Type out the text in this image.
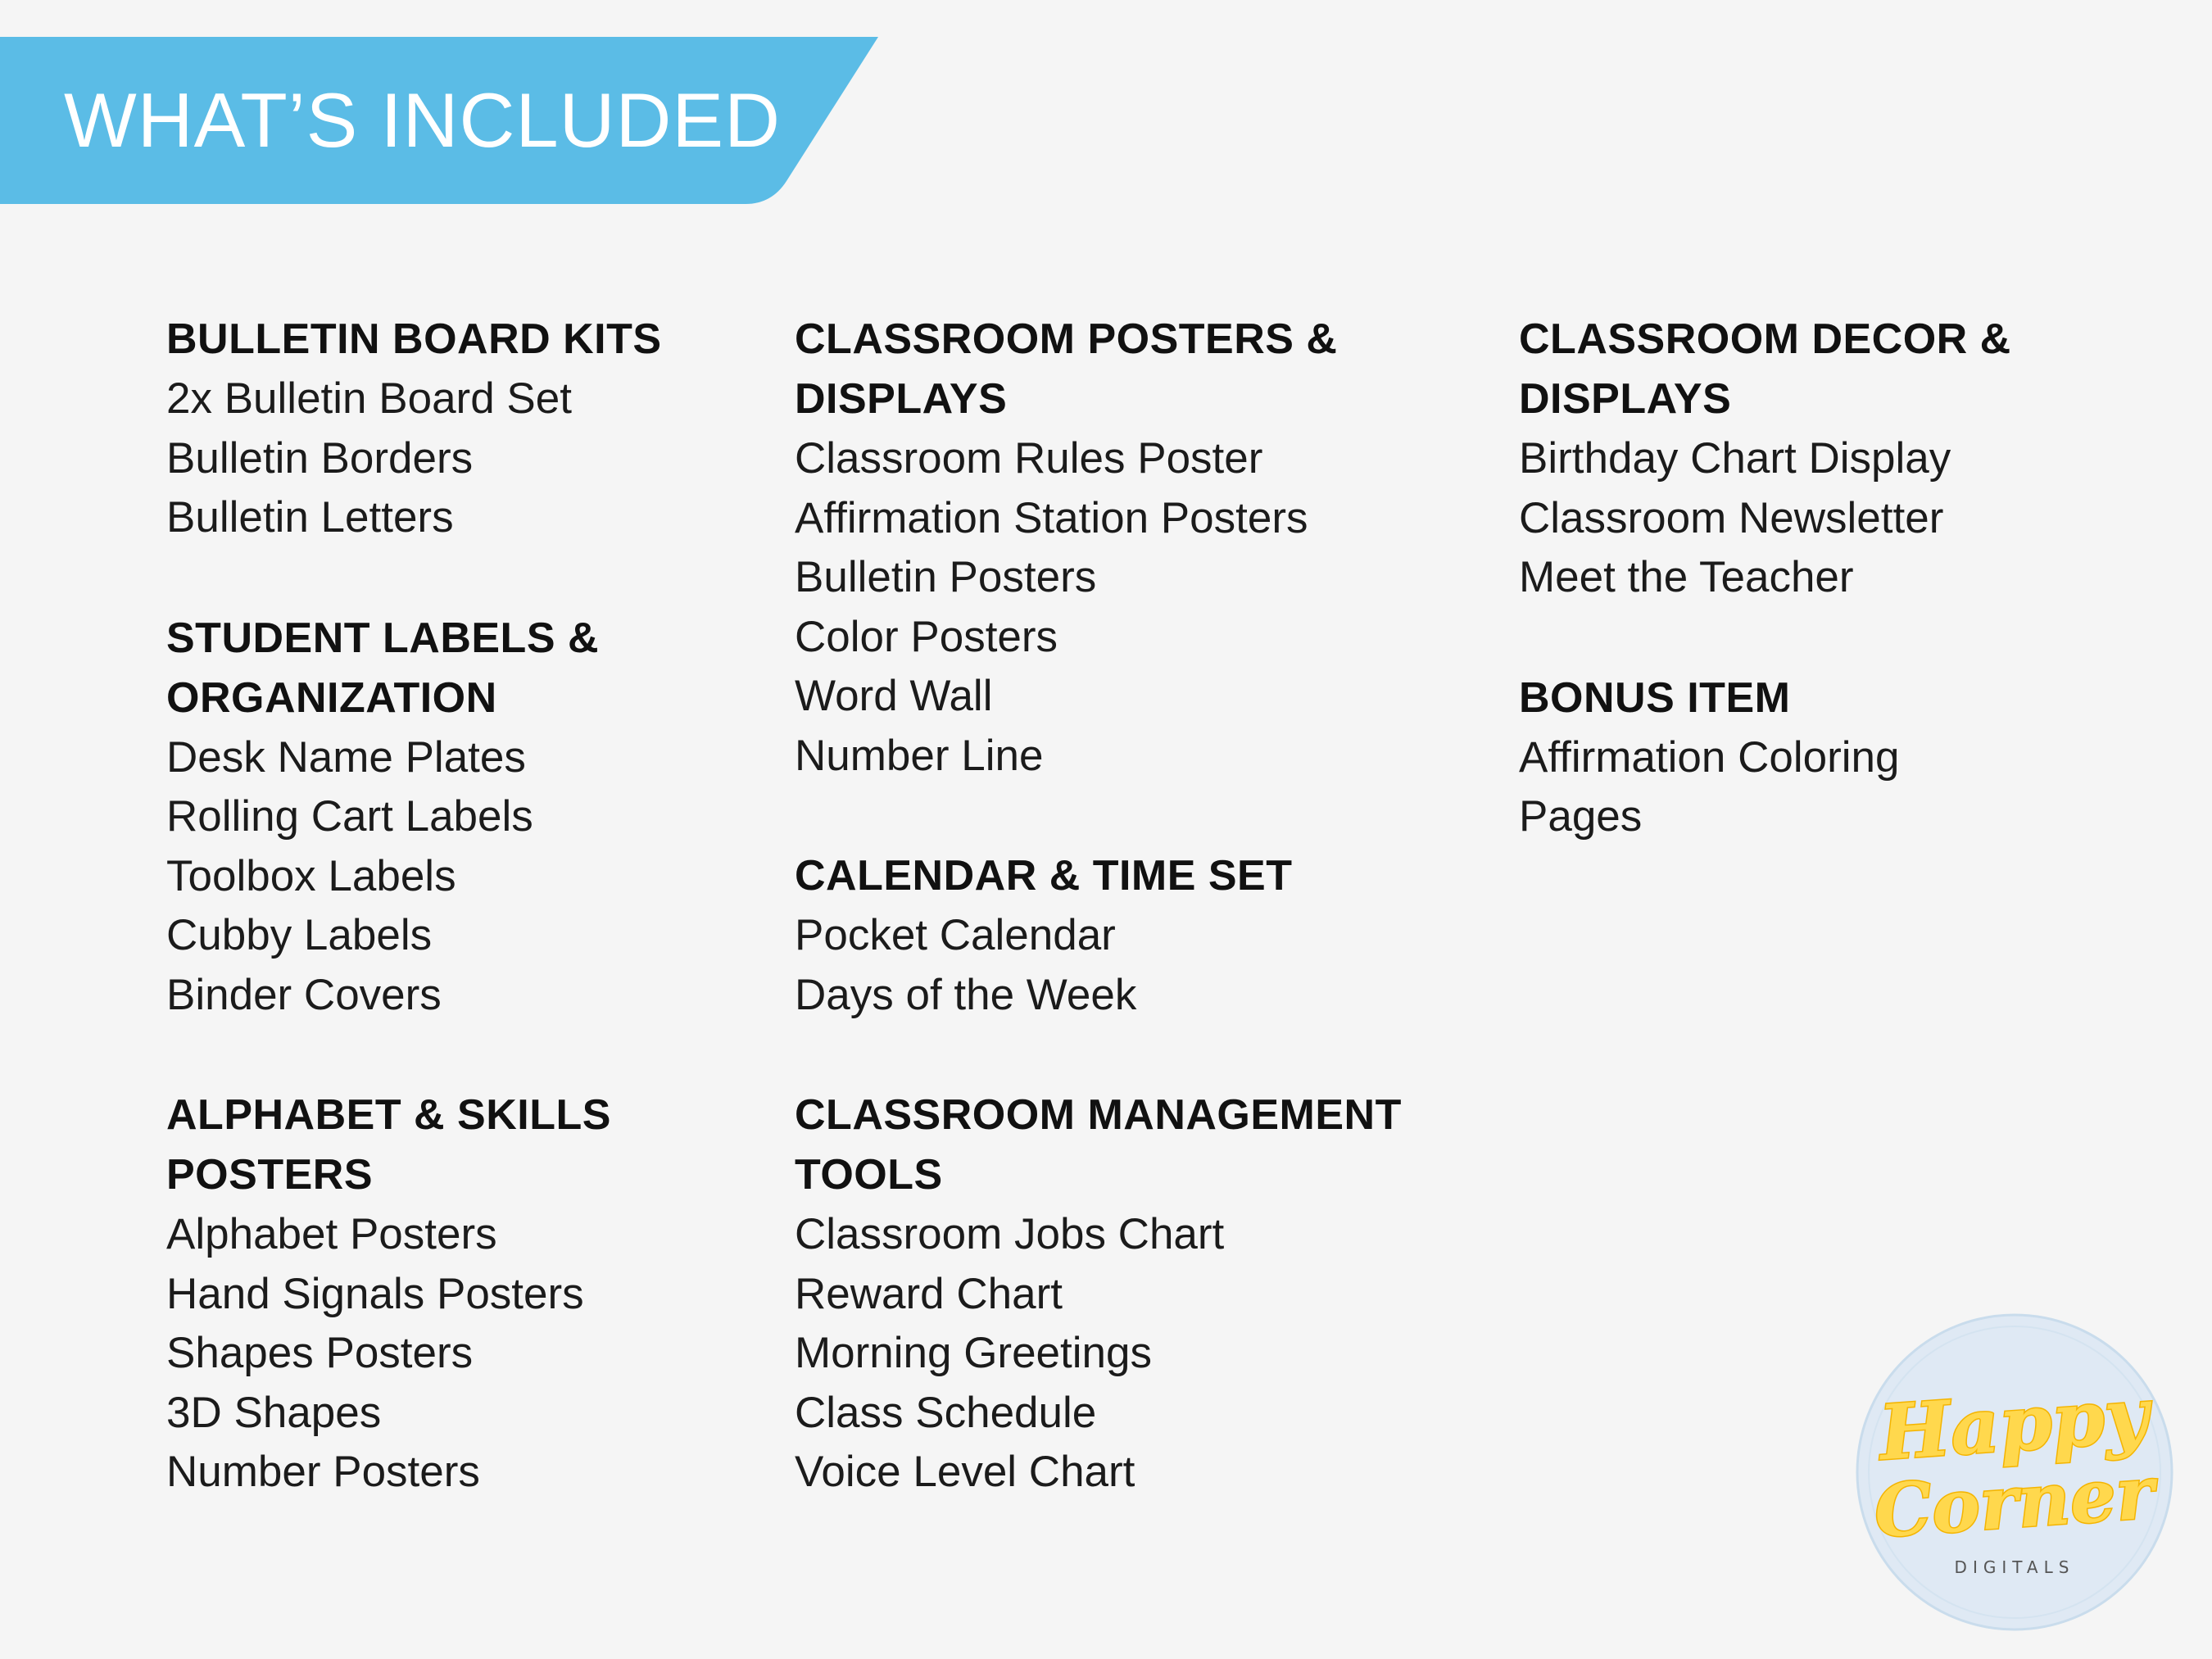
WHAT’S INCLUDED
BULLETIN BOARD KITS
2x Bulletin Board Set
Bulletin Borders
Bulletin Letters
STUDENT LABELS &
ORGANIZATION
Desk Name Plates
Rolling Cart Labels
Toolbox Labels
Cubby Labels
Binder Covers
ALPHABET & SKILLS
POSTERS
Alphabet Posters
Hand Signals Posters
Shapes Posters
3D Shapes
Number Posters
CLASSROOM POSTERS &
DISPLAYS
Classroom Rules Poster
Affirmation Station Posters
Bulletin Posters
Color Posters
Word Wall
Number Line
CALENDAR & TIME SET
Pocket Calendar
Days of the Week
CLASSROOM MANAGEMENT
TOOLS
Classroom Jobs Chart
Reward Chart
Morning Greetings
Class Schedule
Voice Level Chart
CLASSROOM DECOR &
DISPLAYS
Birthday Chart Display
Classroom Newsletter
Meet the Teacher
BONUS ITEM
Affirmation Coloring
Pages
Happy
Corner
DIGITALS
